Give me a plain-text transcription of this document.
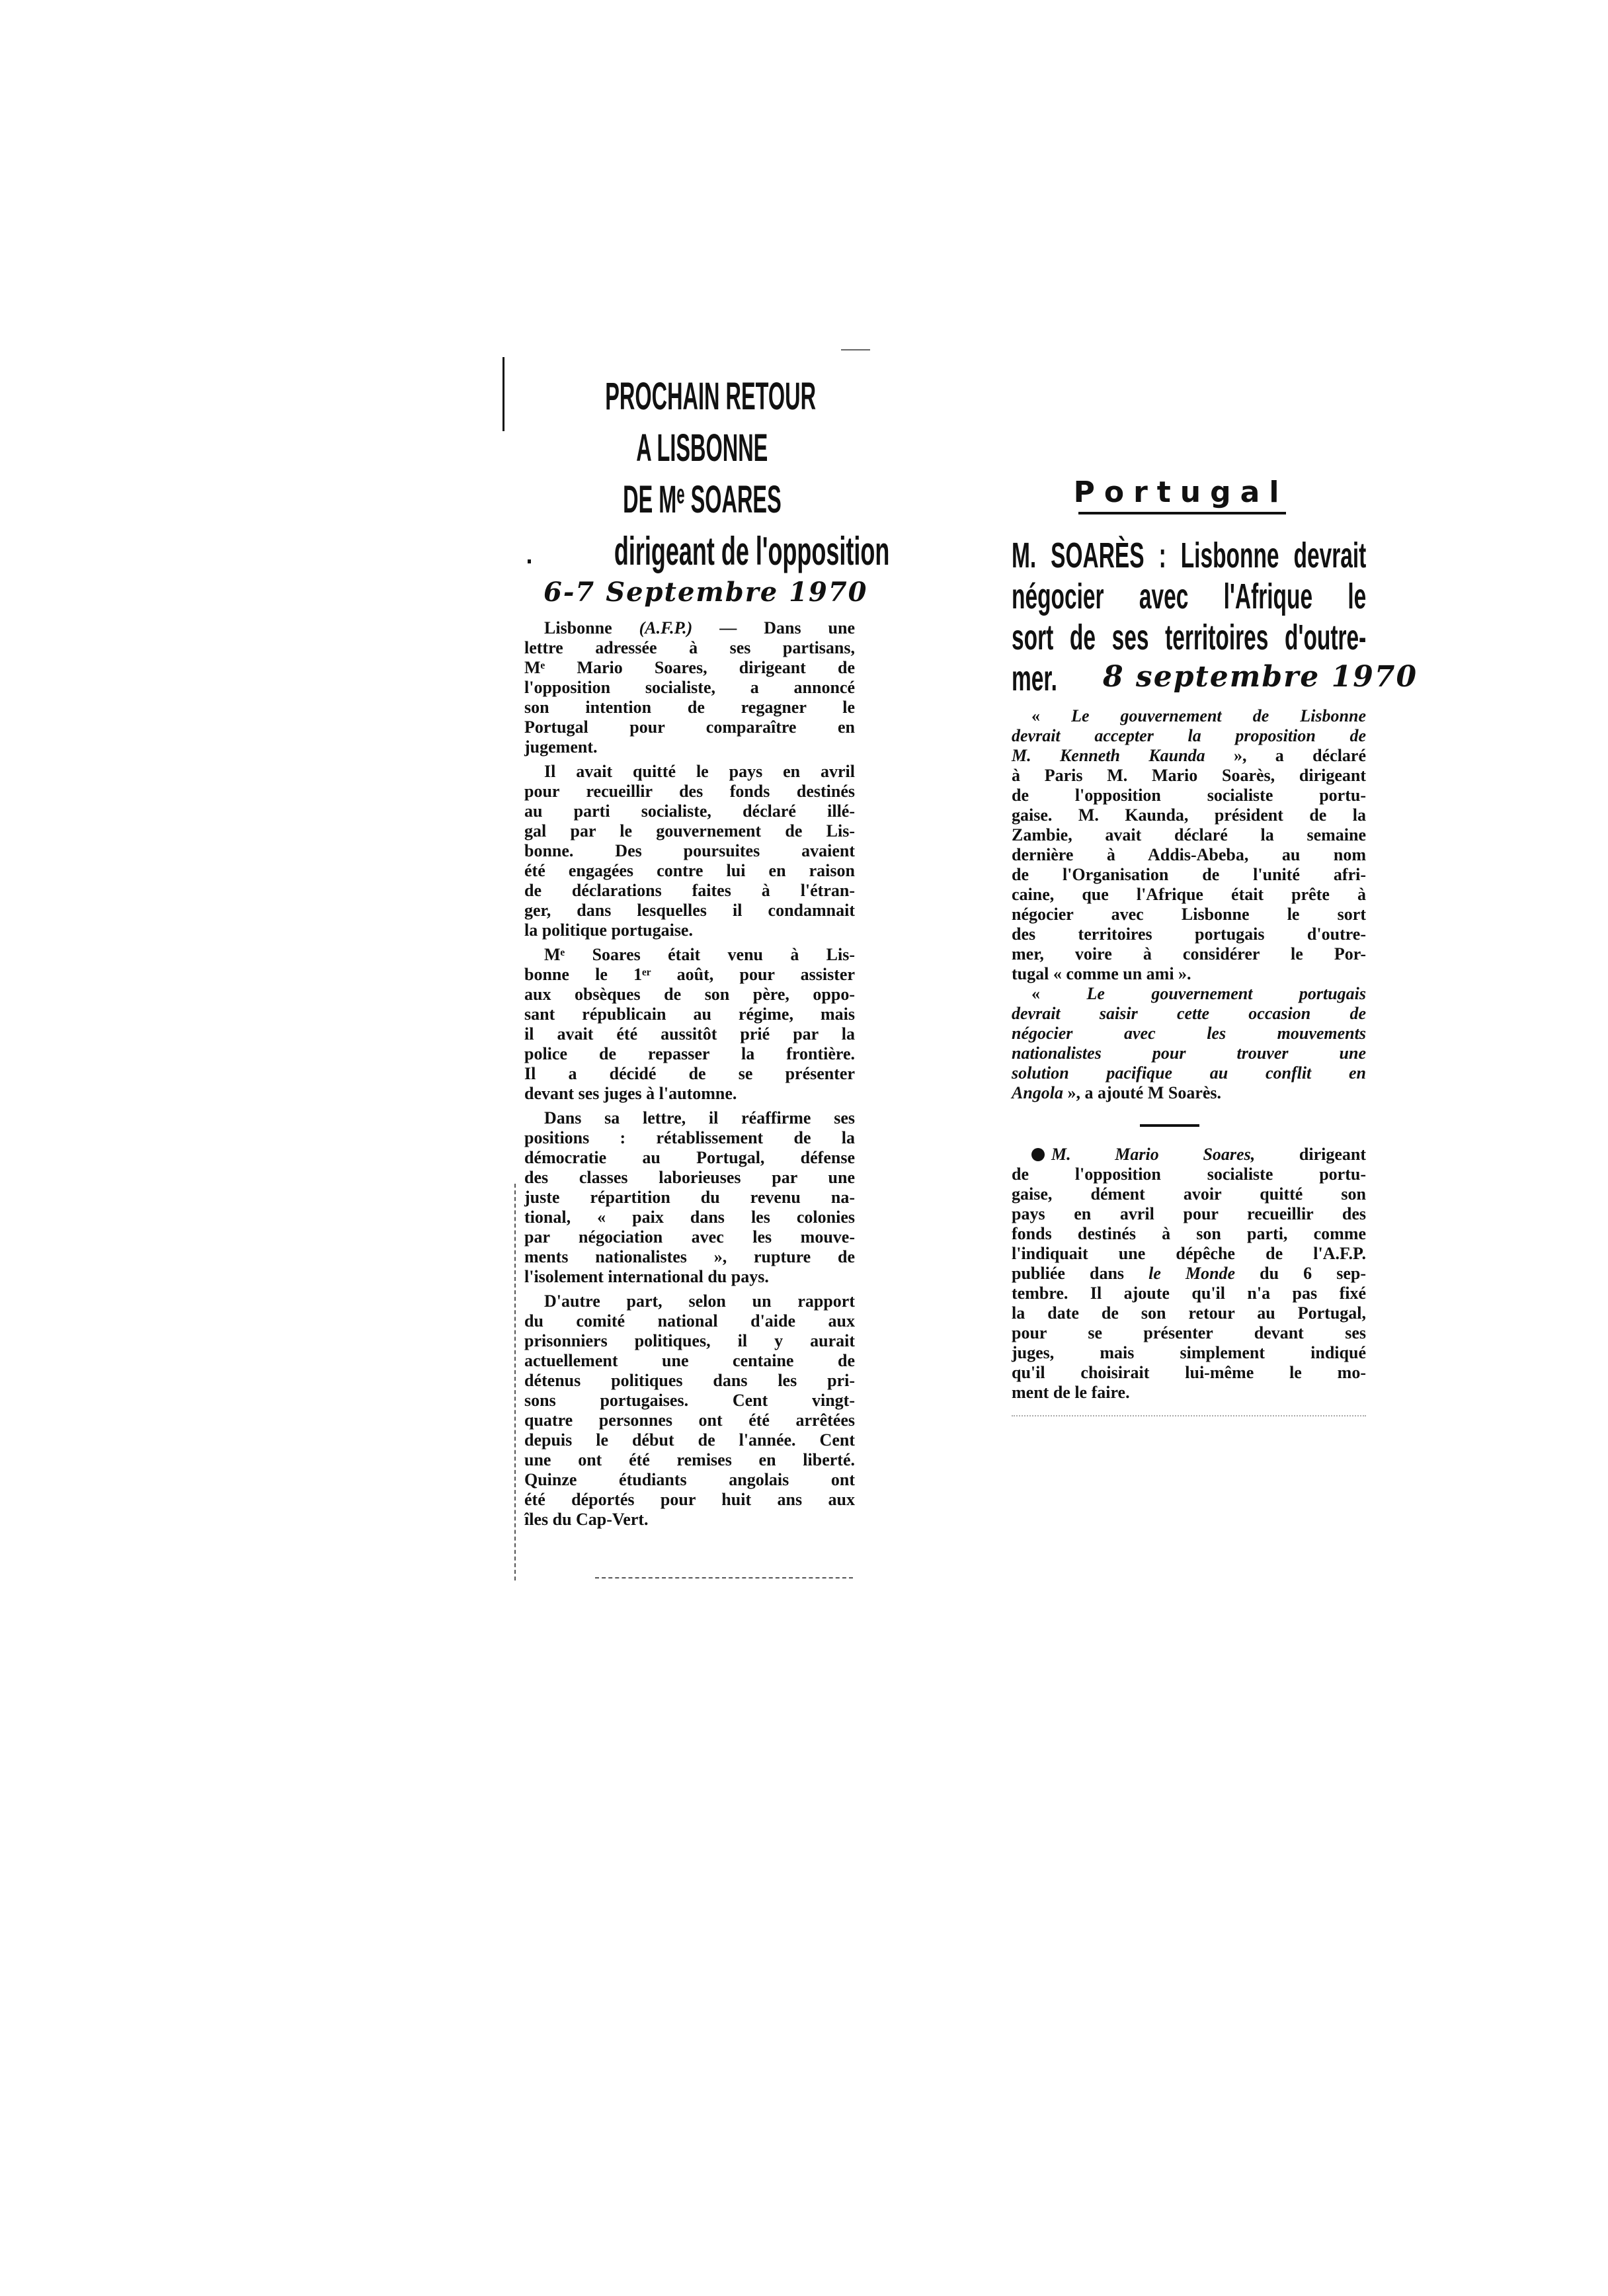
PROCHAIN RETOUR
A LISBONNE
DE Mᵉ SOARES
dirigeant de l'opposition
6-7 Septembre 1970
Lisbonne (A.F.P.) — Dans une
lettre adressée à ses partisans,
Mᵉ Mario Soares, dirigeant de
l'opposition socialiste, a annoncé
son intention de regagner le
Portugal pour comparaître en
jugement.
Il avait quitté le pays en avril
pour recueillir des fonds destinés
au parti socialiste, déclaré illé-
gal par le gouvernement de Lis-
bonne. Des poursuites avaient
été engagées contre lui en raison
de déclarations faites à l'étran-
ger, dans lesquelles il condamnait
la politique portugaise.
Mᵉ Soares était venu à Lis-
bonne le 1ᵉʳ août, pour assister
aux obsèques de son père, oppo-
sant républicain au régime, mais
il avait été aussitôt prié par la
police de repasser la frontière.
Il a décidé de se présenter
devant ses juges à l'automne.
Dans sa lettre, il réaffirme ses
positions : rétablissement de la
démocratie au Portugal, défense
des classes laborieuses par une
juste répartition du revenu na-
tional, « paix dans les colonies
par négociation avec les mouve-
ments nationalistes », rupture de
l'isolement international du pays.
D'autre part, selon un rapport
du comité national d'aide aux
prisonniers politiques, il y aurait
actuellement une centaine de
détenus politiques dans les pri-
sons portugaises. Cent vingt-
quatre personnes ont été arrêtées
depuis le début de l'année. Cent
une ont été remises en liberté.
Quinze étudiants angolais ont
été déportés pour huit ans aux
îles du Cap-Vert.
Portugal
M. SOARÈS : Lisbonne devrait
négocier avec l'Afrique le
sort de ses territoires d'outre-
mer.	8 septembre 1970
« Le gouvernement de Lisbonne
devrait accepter la proposition de
M. Kenneth Kaunda », a déclaré
à Paris M. Mario Soarès, dirigeant
de l'opposition socialiste portu-
gaise. M. Kaunda, président de la
Zambie, avait déclaré la semaine
dernière à Addis-Abeba, au nom
de l'Organisation de l'unité afri-
caine, que l'Afrique était prête à
négocier avec Lisbonne le sort
des territoires portugais d'outre-
mer, voire à considérer le Por-
tugal « comme un ami ».
« Le gouvernement portugais
devrait saisir cette occasion de
négocier avec les mouvements
nationalistes pour trouver une
solution pacifique au conflit en
Angola », a ajouté M Soarès.
M. Mario Soares, dirigeant
de l'opposition socialiste portu-
gaise, dément avoir quitté son
pays en avril pour recueillir des
fonds destinés à son parti, comme
l'indiquait une dépêche de l'A.F.P.
publiée dans le Monde du 6 sep-
tembre. Il ajoute qu'il n'a pas fixé
la date de son retour au Portugal,
pour se présenter devant ses
juges, mais simplement indiqué
qu'il choisirait lui-même le mo-
ment de le faire.
